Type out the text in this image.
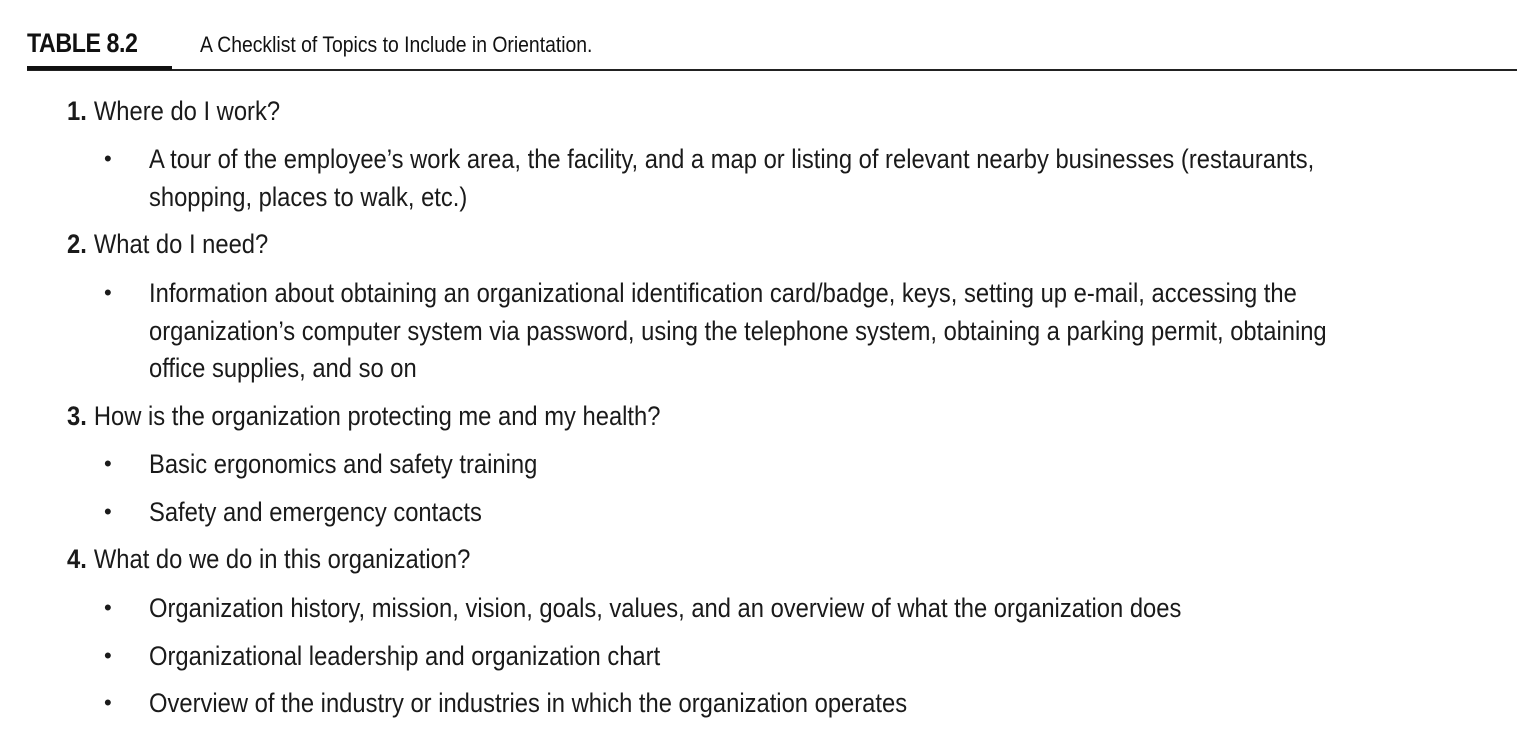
TABLE 8.2	A Checklist of Topics to Include in Orientation.
1. Where do I work?
• A tour of the employee’s work area, the facility, and a map or listing of relevant nearby businesses (restaurants,
shopping, places to walk, etc.)
2. What do I need?
• Information about obtaining an organizational identification card/badge, keys, setting up e-mail, accessing the
organization’s computer system via password, using the telephone system, obtaining a parking permit, obtaining
office supplies, and so on
3. How is the organization protecting me and my health?
• Basic ergonomics and safety training
• Safety and emergency contacts
4. What do we do in this organization?
• Organization history, mission, vision, goals, values, and an overview of what the organization does
• Organizational leadership and organization chart
• Overview of the industry or industries in which the organization operates
